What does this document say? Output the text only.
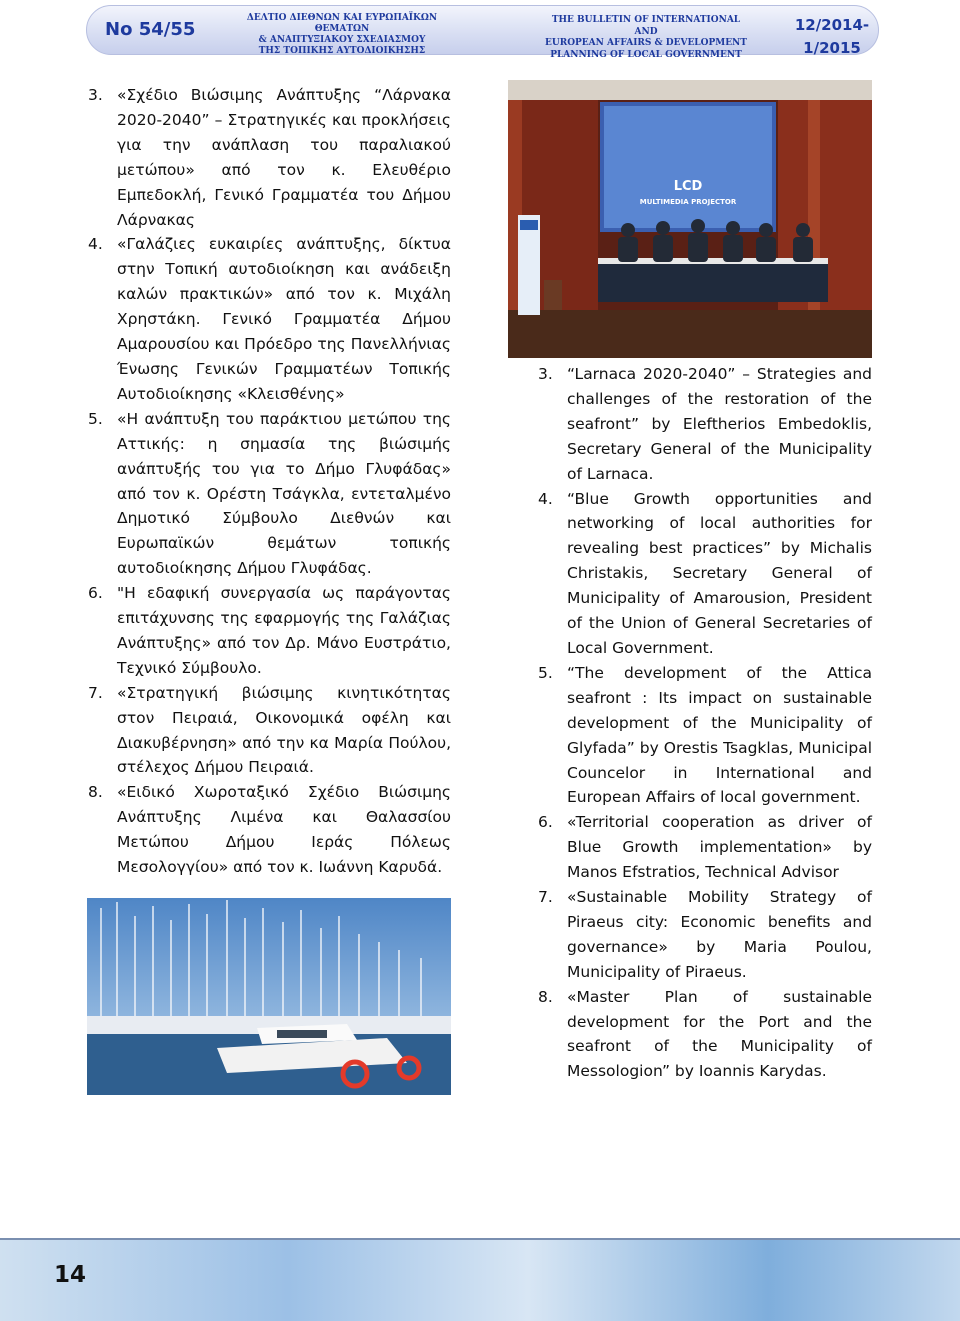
No 54/55
ΔΕΛΤΙΟ ΔΙΕΘΝΩΝ ΚΑΙ ΕΥΡΩΠΑΪΚΩΝ ΘΕΜΑΤΩΝ
& ΑΝΑΠΤΥΞΙΑΚΟΥ ΣΧΕΔΙΑΣΜΟΥ
ΤΗΣ ΤΟΠΙΚΗΣ ΑΥΤΟΔΙΟΙΚΗΣΗΣ
THE BULLETIN OF INTERNATIONAL AND
EUROPEAN AFFAIRS & DEVELOPMENT
PLANNING OF LOCAL GOVERNMENT
12/2014-
1/2015

3. «Σχέδιο Βιώσιμης Ανάπτυξης “Λάρνακα 2020-2040” – Στρατηγικές και προκλήσεις για την ανάπλαση του παραλιακού μετώπου» από τον κ. Ελευθέριο Εμπεδοκλή, Γενικό Γραμματέα του Δήμου Λάρνακας

4. «Γαλάζιες ευκαιρίες ανάπτυξης, δίκτυα στην Τοπική αυτοδιοίκηση και ανάδειξη καλών πρακτικών» από τον κ. Μιχάλη Χρηστάκη. Γενικό Γραμματέα Δήμου Αμαρουσίου και Πρόεδρο της Πανελλήνιας Ένωσης Γενικών Γραμματέων Τοπικής Αυτοδιοίκησης «Κλεισθένης»

5. «Η ανάπτυξη του παράκτιου μετώπου της Αττικής: η σημασία της βιώσιμής ανάπτυξής του για το Δήμο Γλυφάδας» από τον κ. Ορέστη Τσάγκλα, εντεταλμένο Δημοτικό Σύμβουλο Διεθνών και Ευρωπαϊκών θεμάτων τοπικής αυτοδιοίκησης Δήμου Γλυφάδας.

6. "Η εδαφική συνεργασία ως παράγοντας επιτάχυνσης της εφαρμογής της Γαλάζιας Ανάπτυξης» από τον Δρ. Μάνο Ευστράτιο, Τεχνικό Σύμβουλο.

7. «Στρατηγική βιώσιμης κινητικότητας στον Πειραιά, Οικονομικά οφέλη και Διακυβέρνηση» από την κα Μαρία Πούλου, στέλεχος Δήμου Πειραιά.

8. «Ειδικό Χωροταξικό Σχέδιο Βιώσιμης Ανάπτυξης Λιμένα και Θαλασσίου Μετώπου Δήμου Ιεράς Πόλεως Μεσολογγίου» από τον κ. Ιωάννη Καρυδά.

LCD
MULTIMEDIA PROJECTOR

3. “Larnaca 2020-2040” – Strategies and challenges of the restoration of the seafront” by Eleftherios Embedoklis, Secretary General of the Municipality of Larnaca.

4. “Blue Growth opportunities and networking of local authorities for revealing best practices” by Michalis Christakis, Secretary General of Municipality of Amarousion, President of the Union of General Secretaries of Local Government.

5. “The development of the Attica seafront : Its impact on sustainable development of the Municipality of Glyfada” by Orestis Tsagklas, Municipal Councelor in International and European Affairs of local government.

6. «Territorial cooperation as driver of Blue Growth implementation» by Manos Efstratios, Technical Advisor

7. «Sustainable Mobility Strategy of Piraeus city: Economic benefits and governance» by Maria Poulou, Municipality of Piraeus.

8. «Master Plan of sustainable development for the Port and the seafront of the Municipality of Messologion” by Ioannis Karydas.

14
